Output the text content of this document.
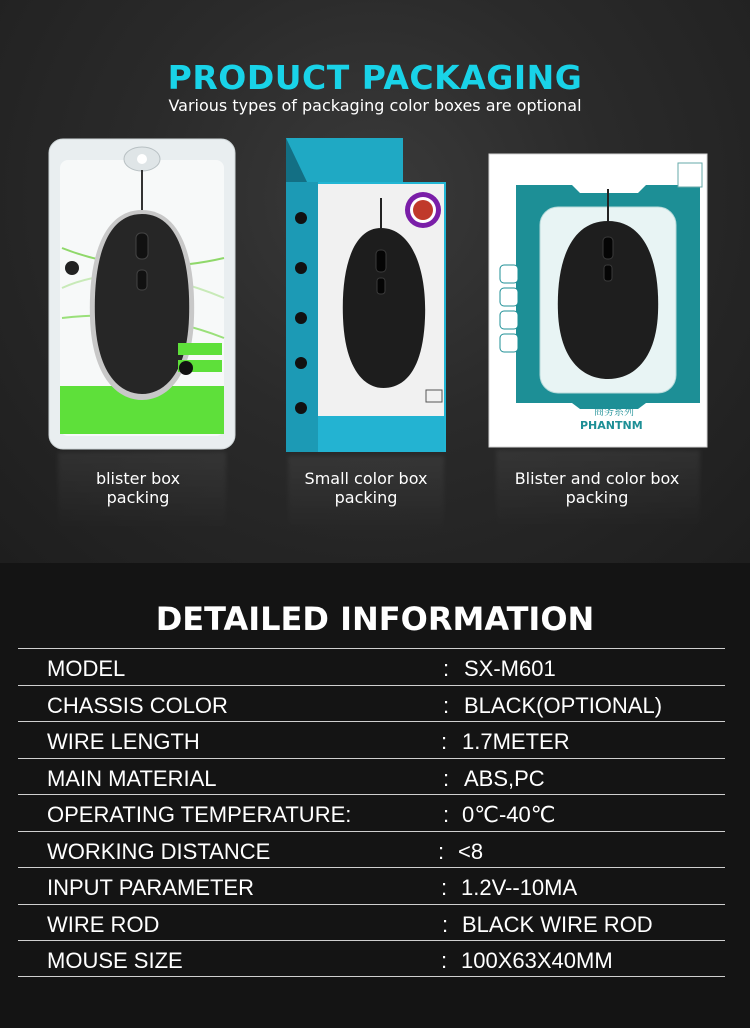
PRODUCT PACKAGING
Various types of packaging color boxes are optional
商务系列
PHANTNM
blister box
packing
Small color box
packing
Blister and color box
packing
DETAILED INFORMATION
MODEL	: SX-M601
CHASSIS COLOR	: BLACK(OPTIONAL)
WIRE LENGTH	: 1.7METER
MAIN MATERIAL	: ABS,PC
OPERATING TEMPERATURE:	: 0℃-40℃
WORKING DISTANCE	: <8
INPUT PARAMETER	: 1.2V--10MA
WIRE ROD	: BLACK WIRE ROD
MOUSE SIZE	: 100X63X40MM
